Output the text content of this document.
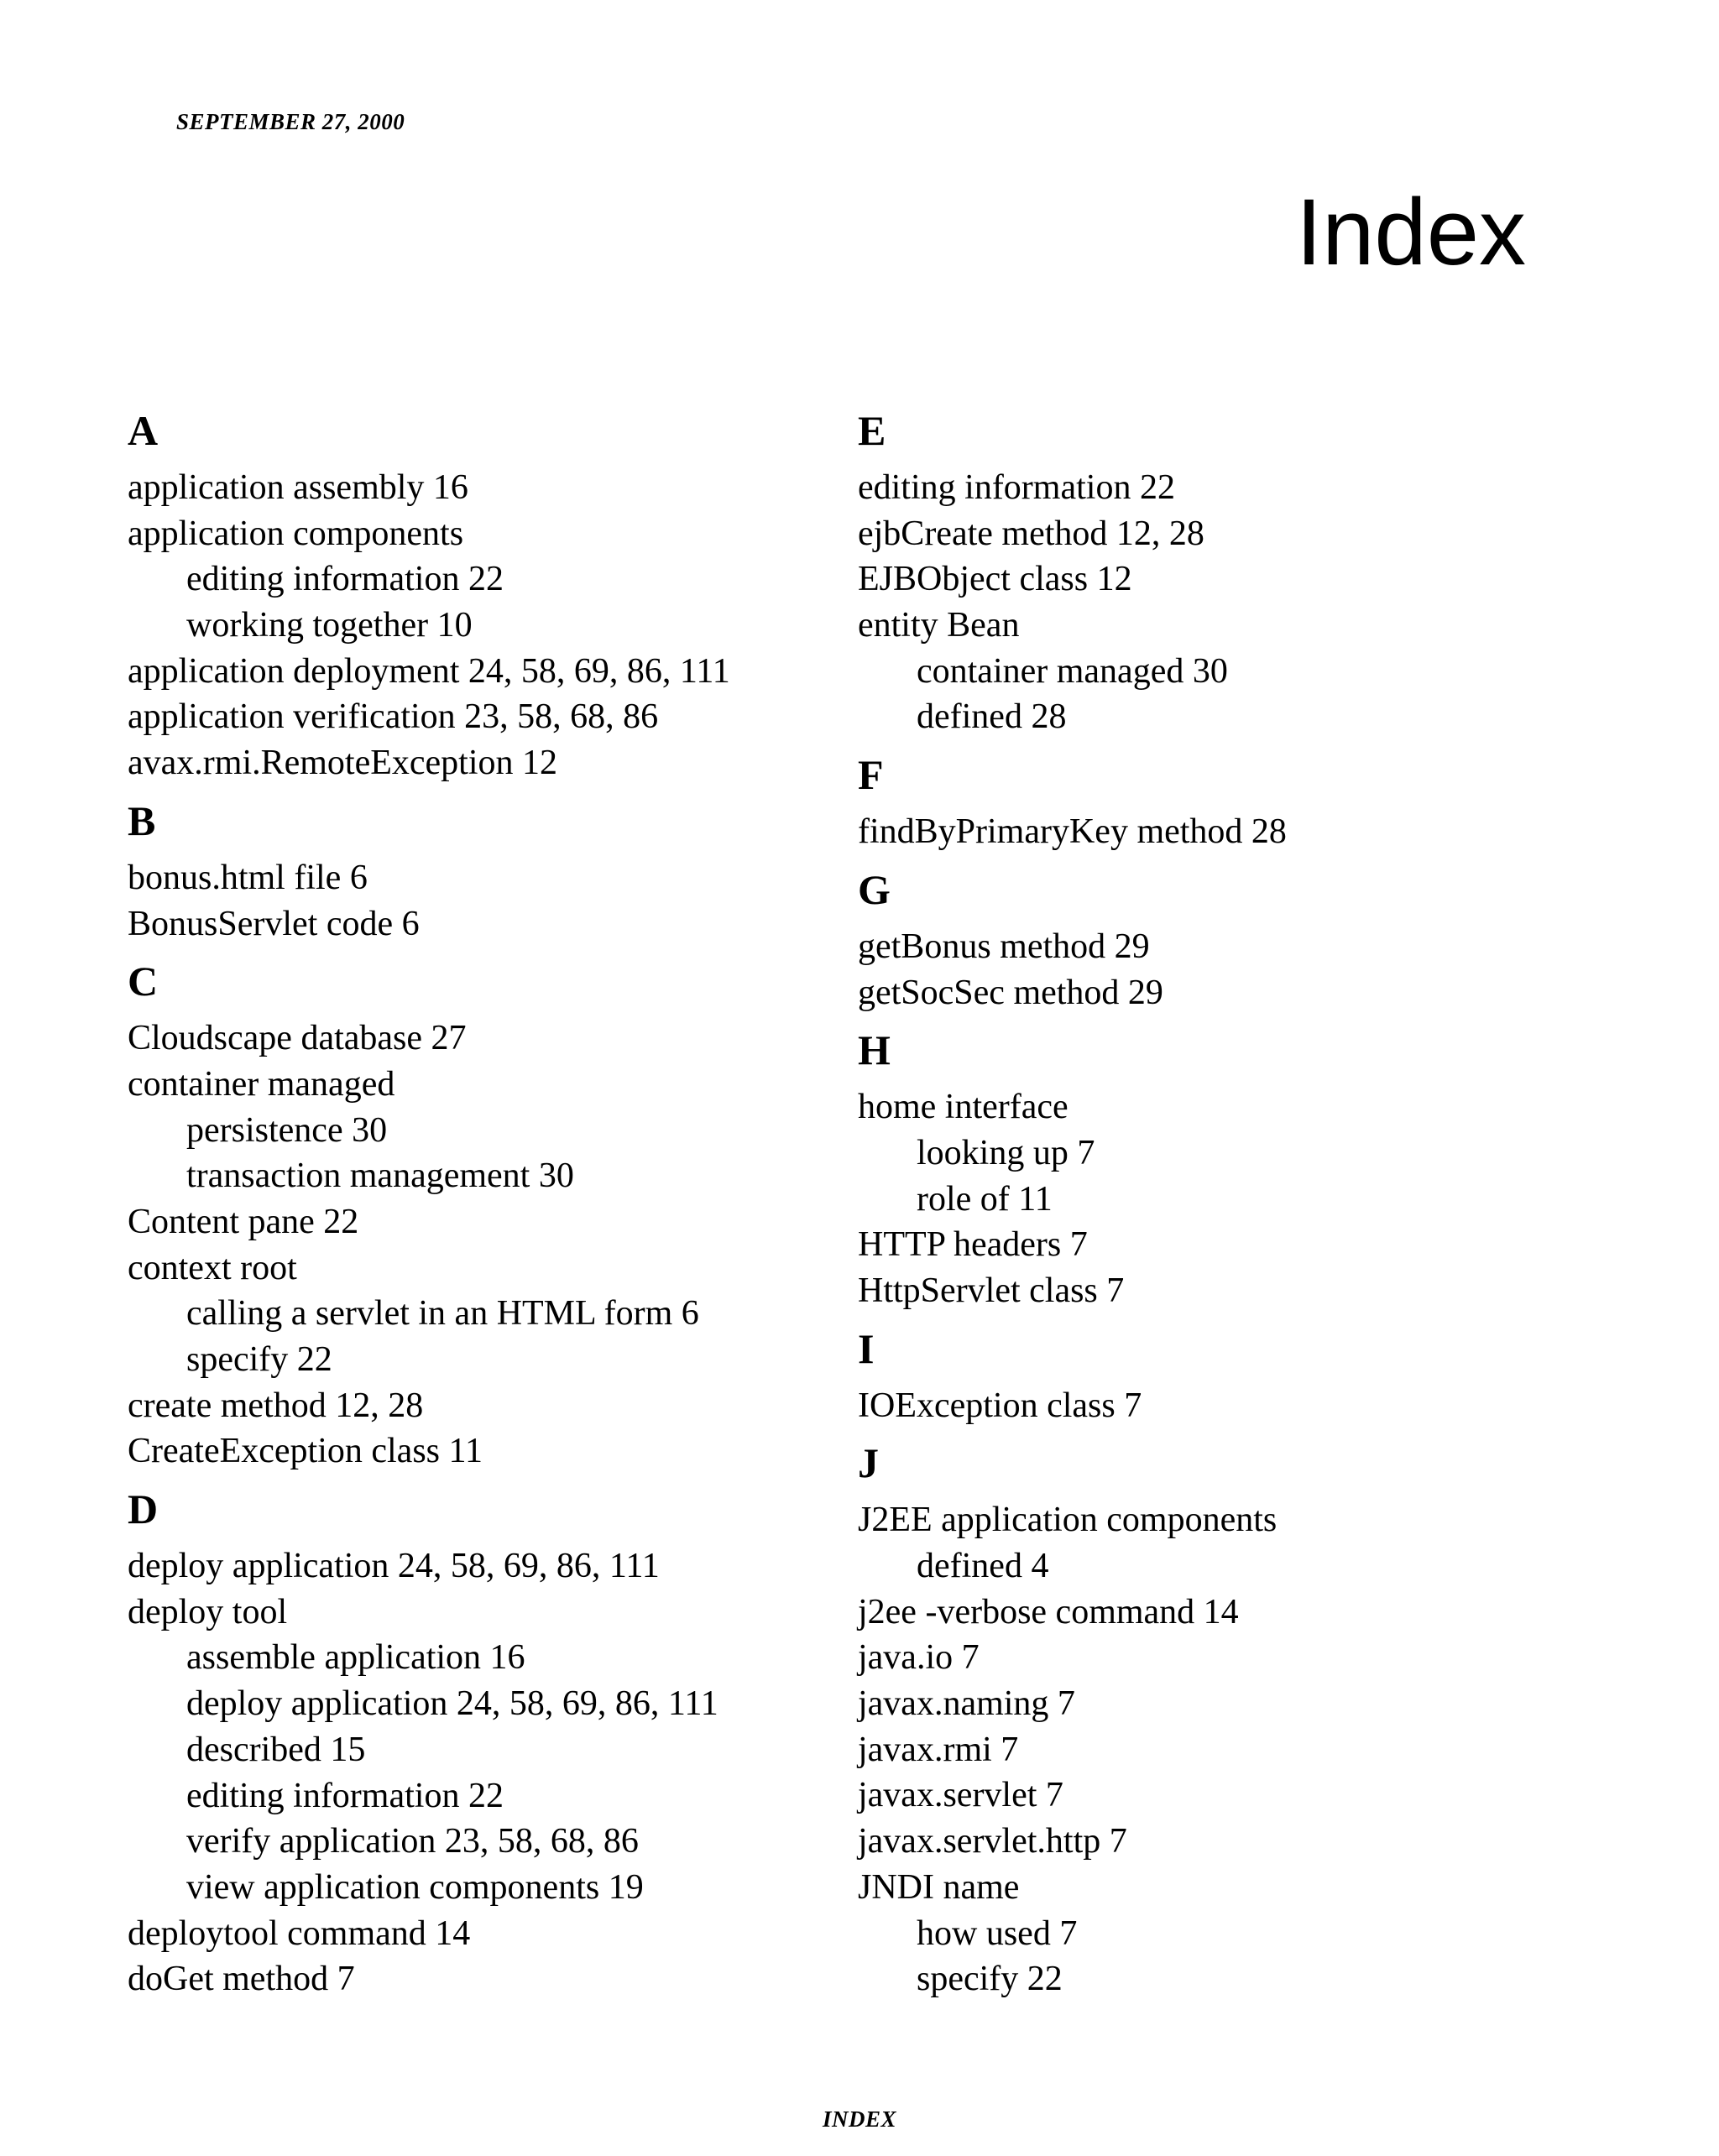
SEPTEMBER 27, 2000
Index
A
application assembly 16
application components
editing information 22
working together 10
application deployment 24, 58, 69, 86, 111
application verification 23, 58, 68, 86
avax.rmi.RemoteException 12
B
bonus.html file 6
BonusServlet code 6
C
Cloudscape database 27
container managed
persistence 30
transaction management 30
Content pane 22
context root
calling a servlet in an HTML form 6
specify 22
create method 12, 28
CreateException class 11
D
deploy application 24, 58, 69, 86, 111
deploy tool
assemble application 16
deploy application 24, 58, 69, 86, 111
described 15
editing information 22
verify application 23, 58, 68, 86
view application components 19
deploytool command 14
doGet method 7
E
editing information 22
ejbCreate method 12, 28
EJBObject class 12
entity Bean
container managed 30
defined 28
F
findByPrimaryKey method 28
G
getBonus method 29
getSocSec method 29
H
home interface
looking up 7
role of 11
HTTP headers 7
HttpServlet class 7
I
IOException class 7
J
J2EE application components
defined 4
j2ee -verbose command 14
java.io 7
javax.naming 7
javax.rmi 7
javax.servlet 7
javax.servlet.http 7
JNDI name
how used 7
specify 22
INDEX
